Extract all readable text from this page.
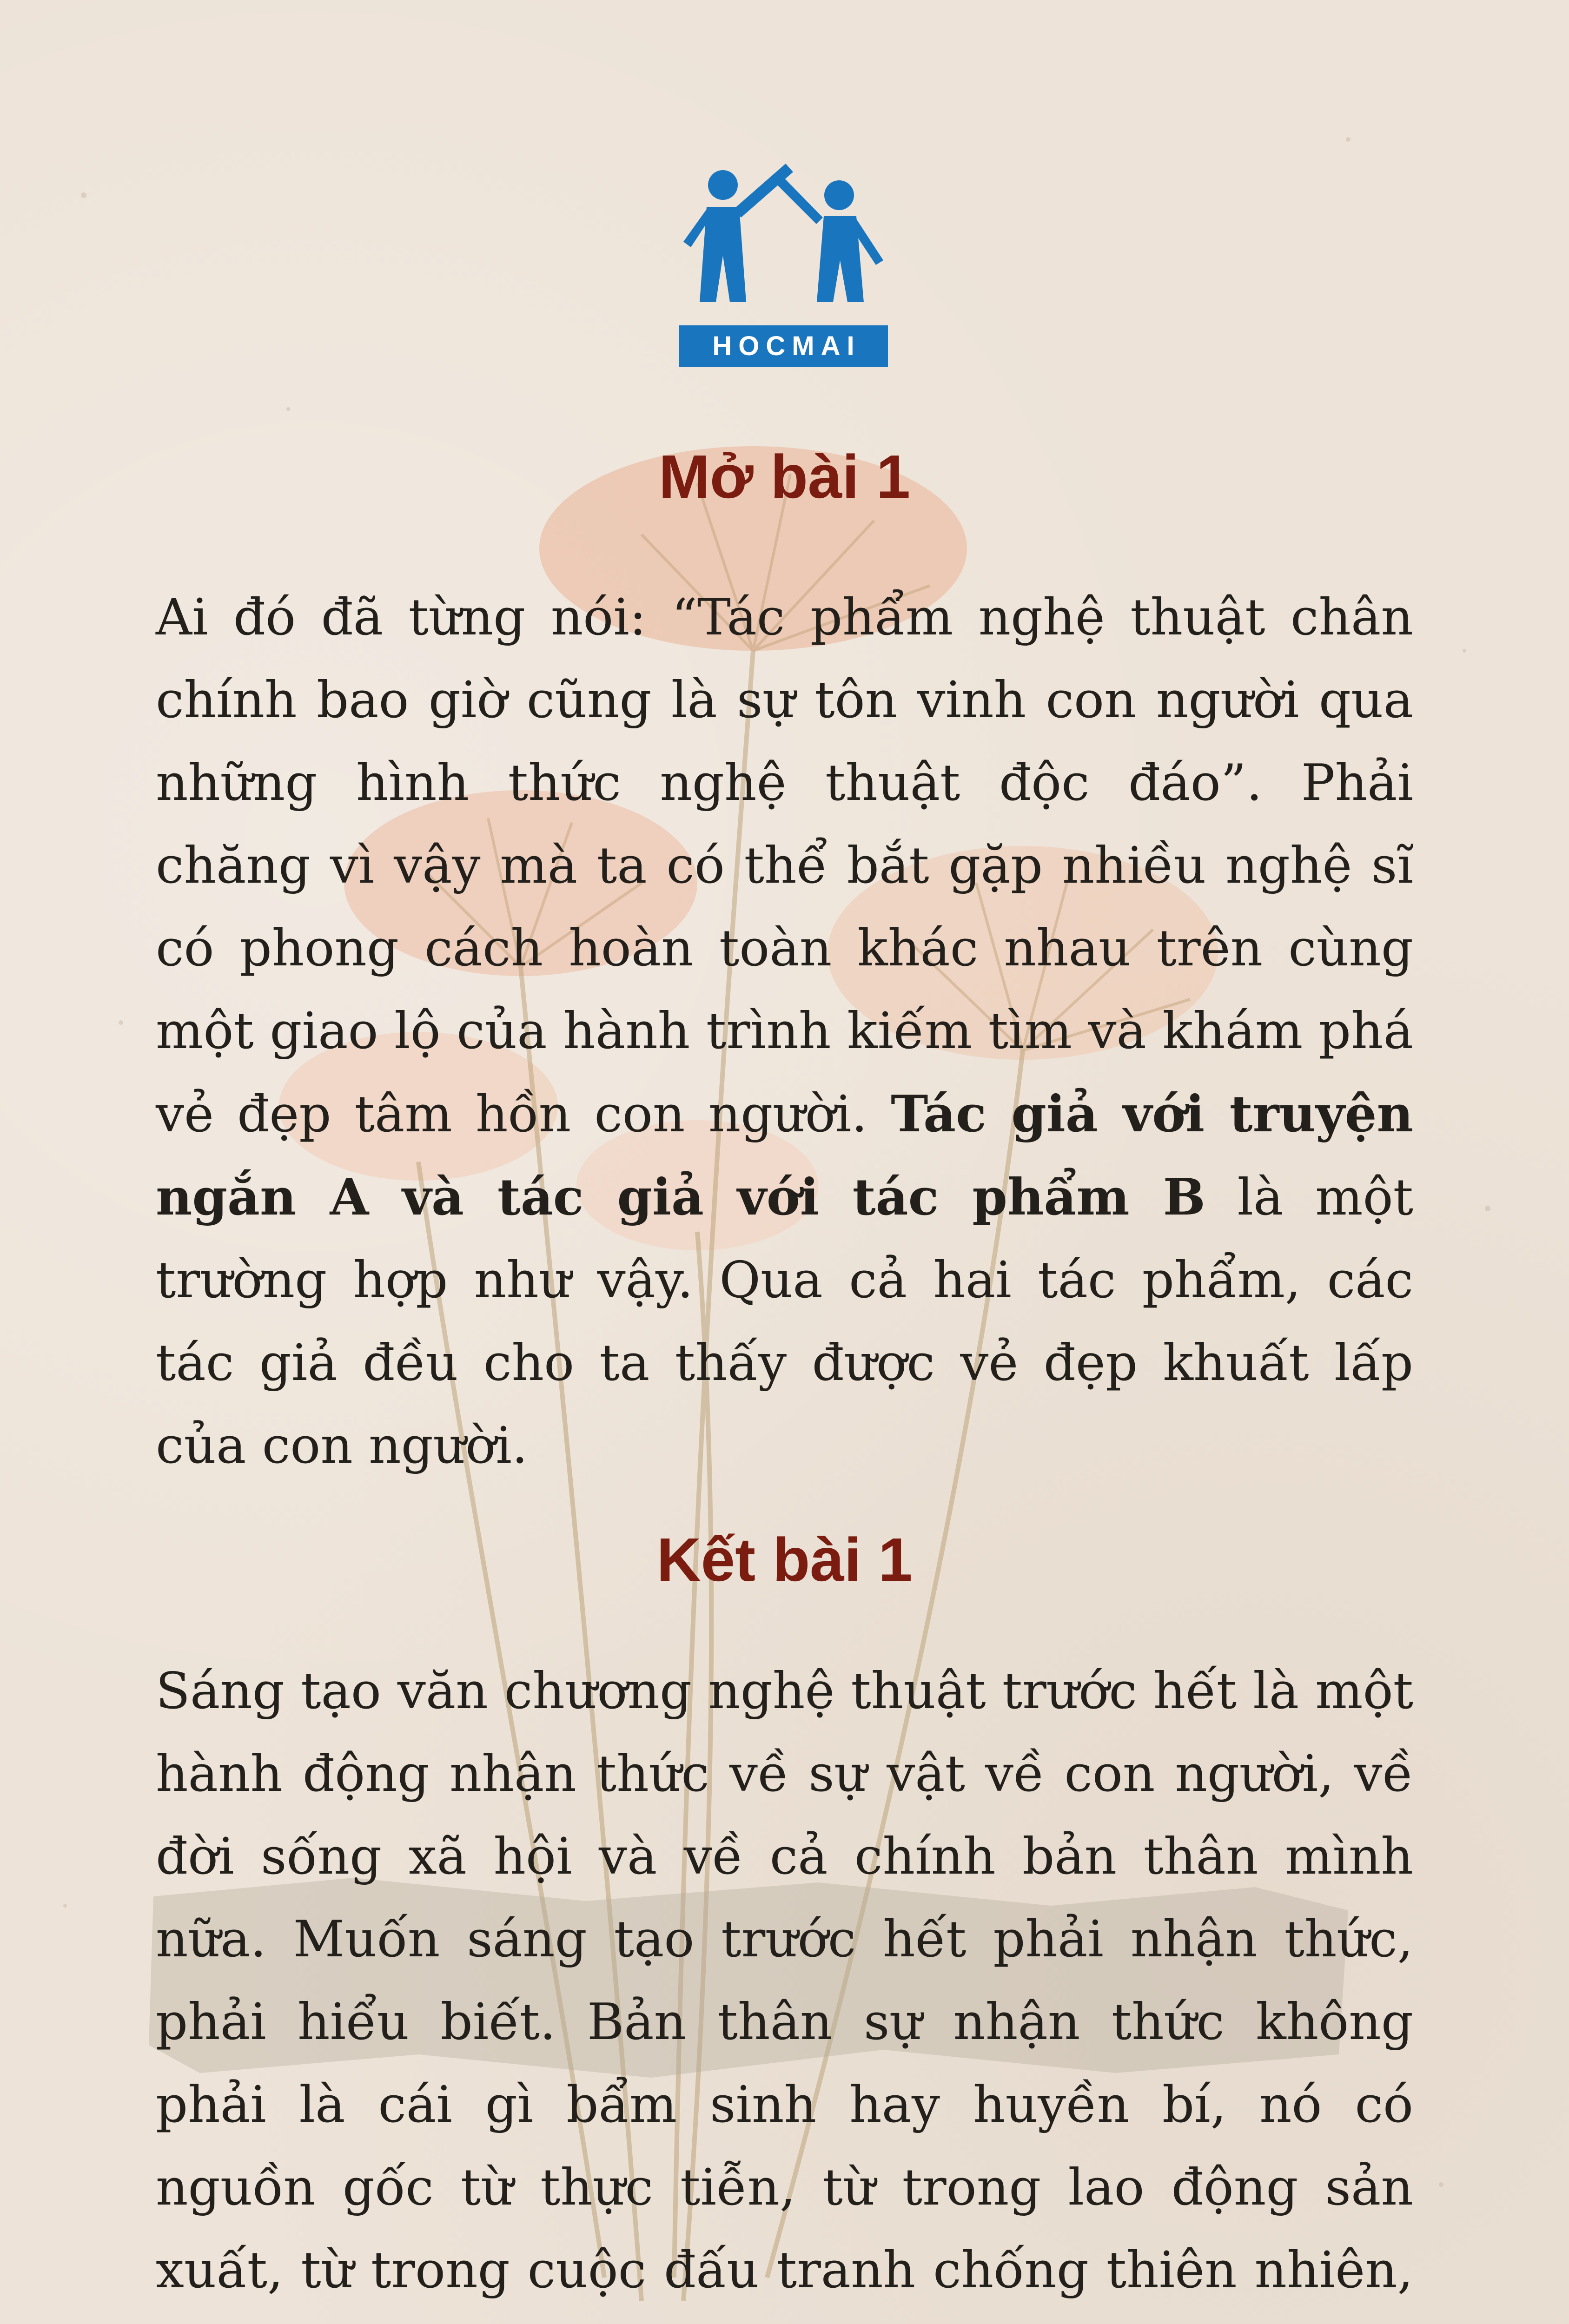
HOCMAI
Mở bài 1

Ai đó đã từng nói: “Tác phẩm nghệ thuật chân chính bao giờ cũng là sự tôn vinh con người qua những hình thức nghệ thuật độc đáo”. Phải chăng vì vậy mà ta có thể bắt gặp nhiều nghệ sĩ có phong cách hoàn toàn khác nhau trên cùng một giao lộ của hành trình kiếm tìm và khám phá vẻ đẹp tâm hồn con người. Tác giả với truyện ngắn A và tác giả với tác phẩm B là một trường hợp như vậy. Qua cả hai tác phẩm, các tác giả đều cho ta thấy được vẻ đẹp khuất lấp của con người.

Kết bài 1

Sáng tạo văn chương nghệ thuật trước hết là một hành động nhận thức về sự vật về con người, về đời sống xã hội và về cả chính bản thân mình nữa. Muốn sáng tạo trước hết phải nhận thức, phải hiểu biết. Bản thân sự nhận thức không phải là cái gì bẩm sinh hay huyền bí, nó có nguồn gốc từ thực tiễn, từ trong lao động sản xuất, từ trong cuộc đấu tranh chống thiên nhiên,
